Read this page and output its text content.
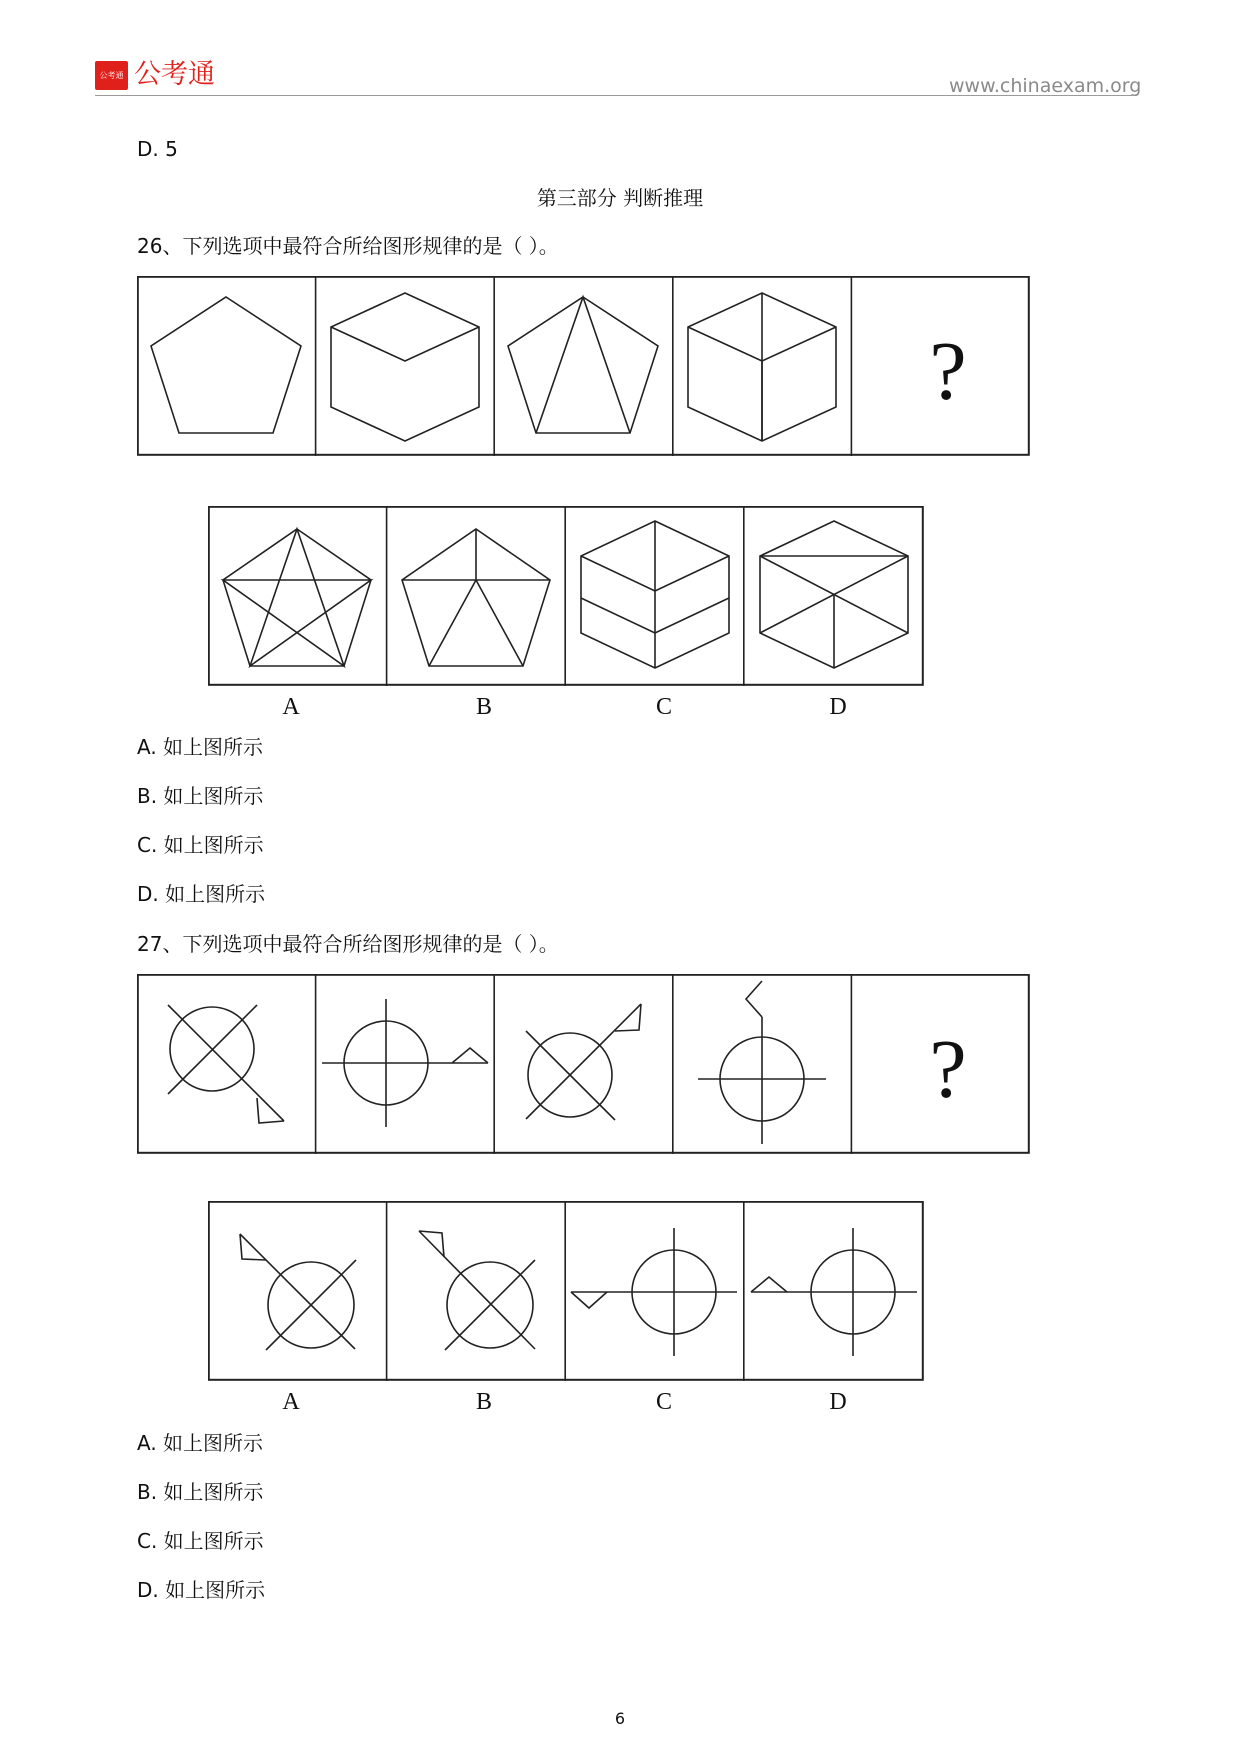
公考通 公考通	www.chinaexam.org
D. 5
第三部分 判断推理
26、下列选项中最符合所给图形规律的是（ ）。
?
A	B	C	D
A. 如上图所示
B. 如上图所示
C. 如上图所示
D. 如上图所示
27、下列选项中最符合所给图形规律的是（ ）。
?
A	B	C	D
A. 如上图所示
B. 如上图所示
C. 如上图所示
D. 如上图所示
6
